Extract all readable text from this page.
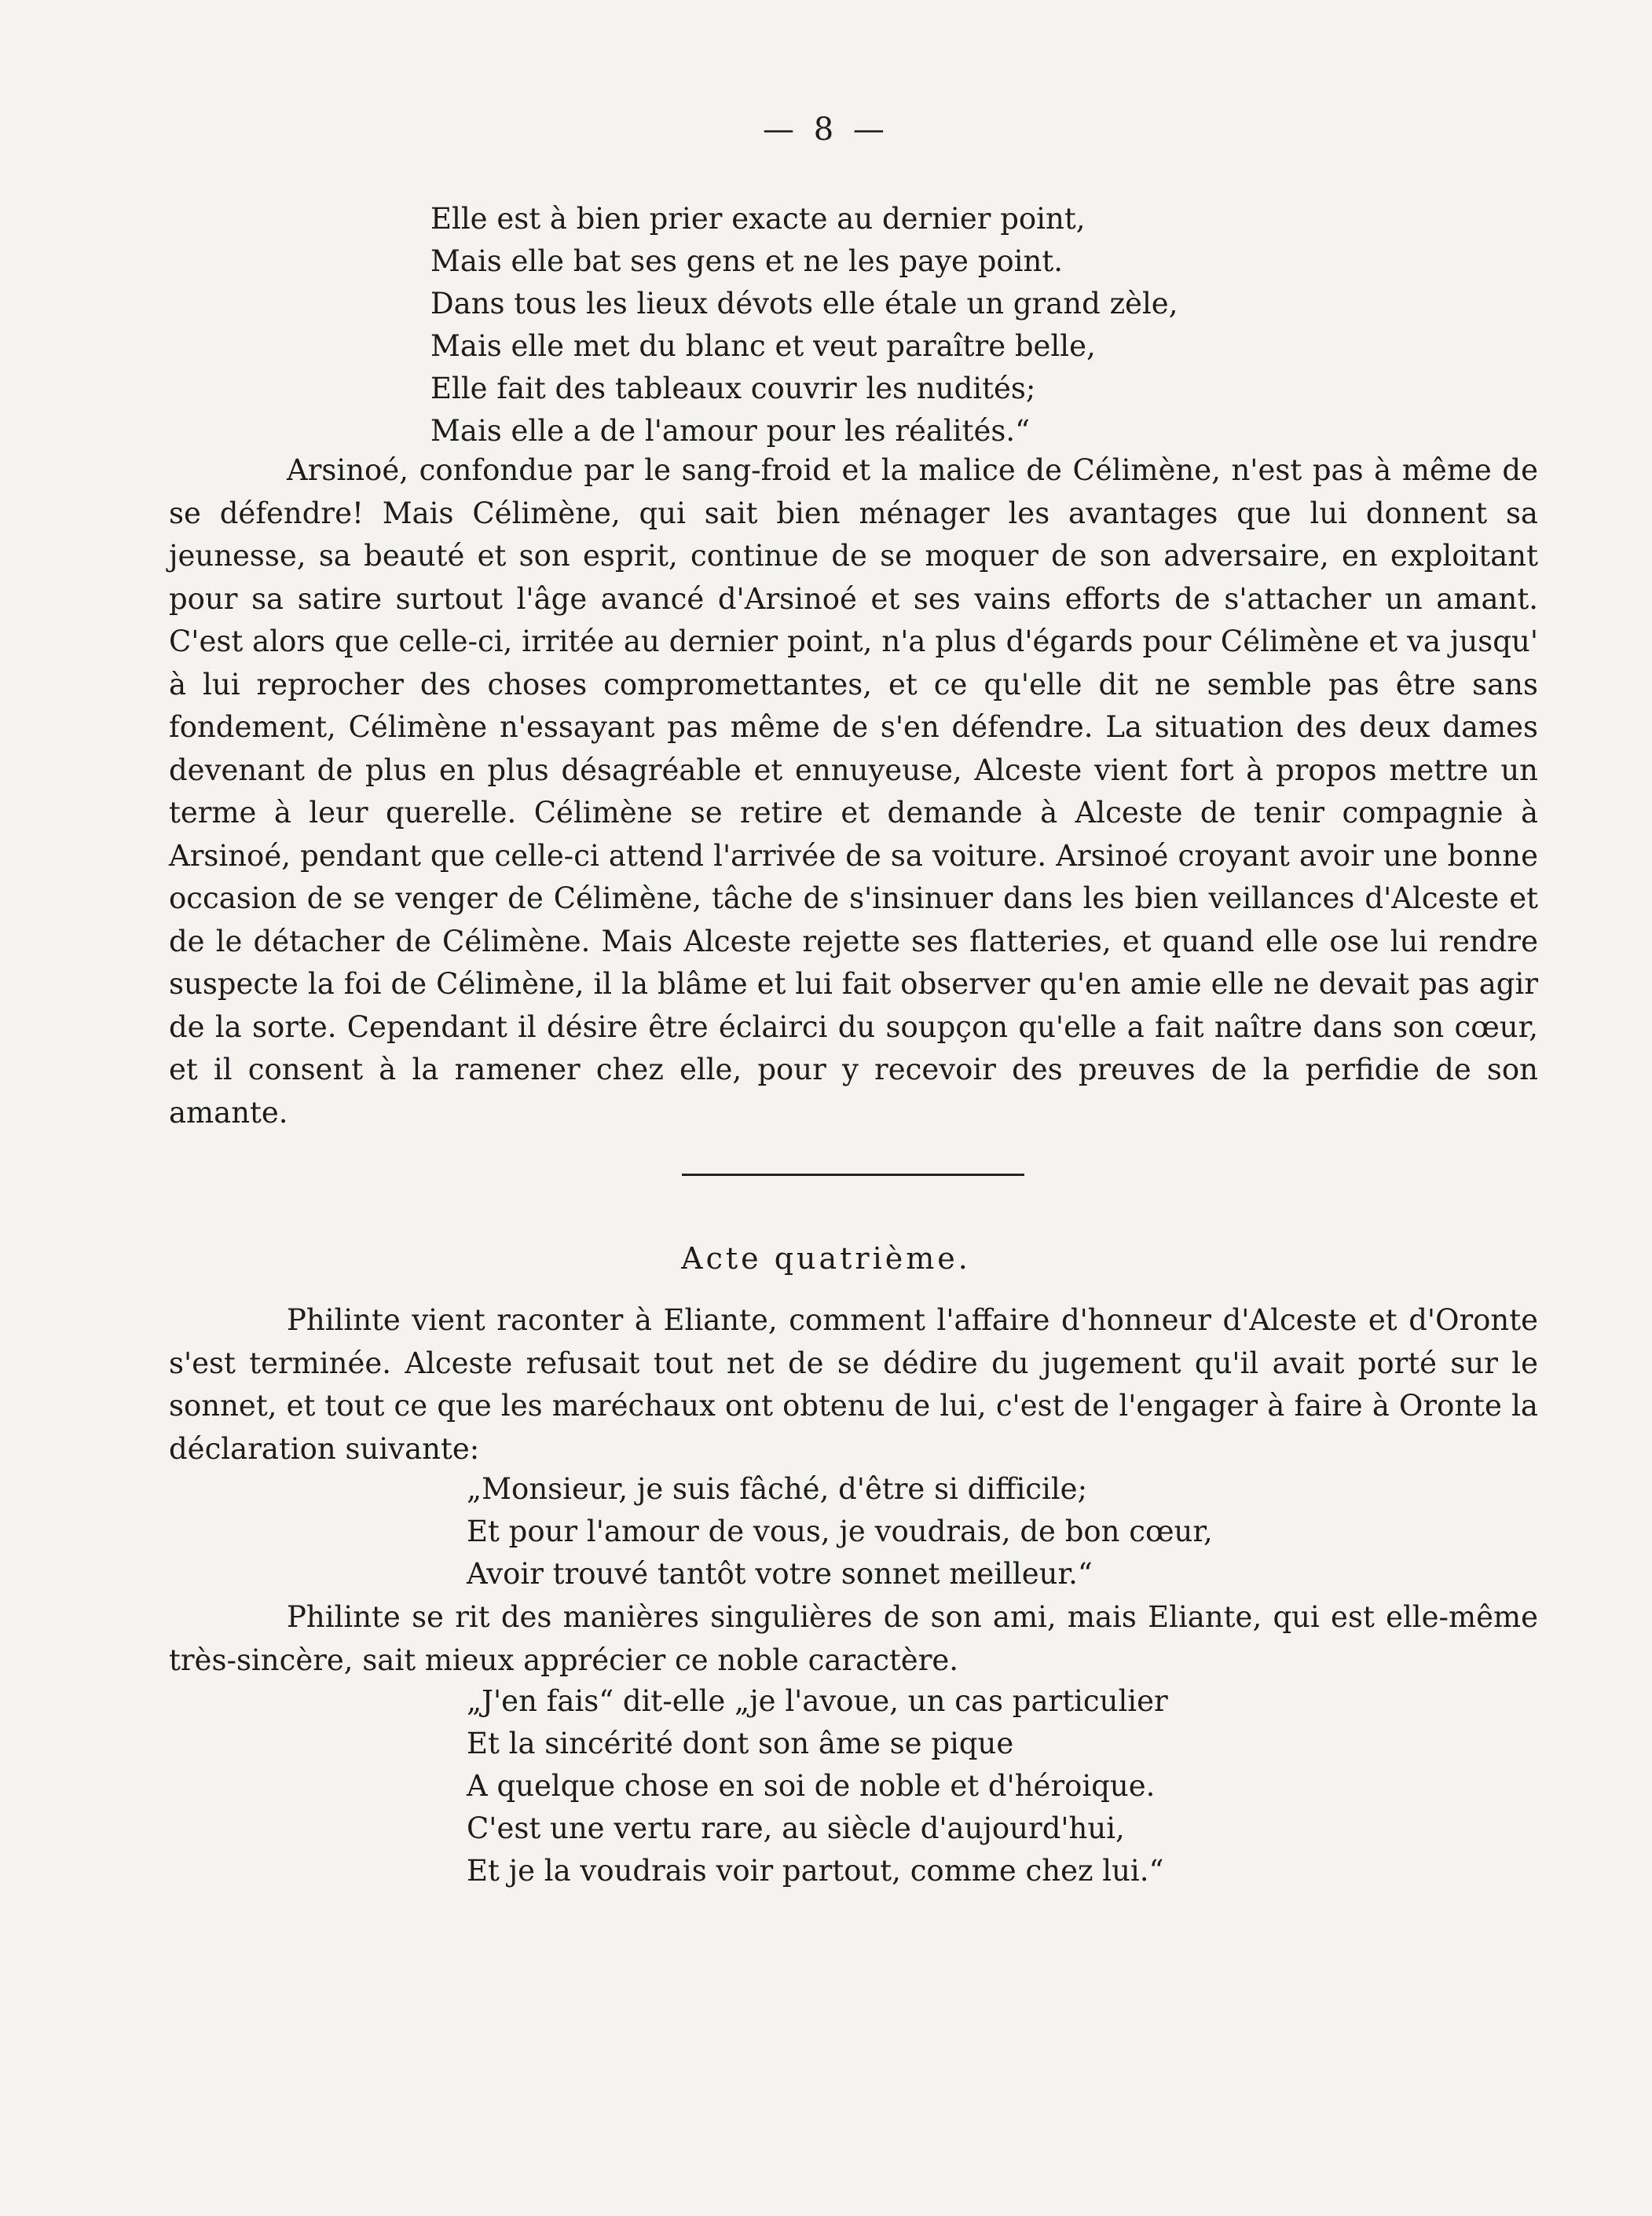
— 8 —
Elle est à bien prier exacte au dernier point,
Mais elle bat ses gens et ne les paye point.
Dans tous les lieux dévots elle étale un grand zèle,
Mais elle met du blanc et veut paraître belle,
Elle fait des tableaux couvrir les nudités;
Mais elle a de l'amour pour les réalités.“
Arsinoé, confondue par le sang-froid et la malice de Célimène, n'est pas à même de se défendre! Mais Célimène, qui sait bien ménager les avantages que lui donnent sa jeunesse, sa beauté et son esprit, continue de se moquer de son adversaire, en exploitant pour sa satire surtout l'âge avancé d'Arsinoé et ses vains efforts de s'attacher un amant. C'est alors que celle-ci, irritée au dernier point, n'a plus d'égards pour Célimène et va jusqu' à lui reprocher des choses compromettantes, et ce qu'elle dit ne semble pas être sans fondement, Célimène n'essayant pas même de s'en défendre. La situation des deux dames devenant de plus en plus désagréable et ennuyeuse, Alceste vient fort à propos mettre un terme à leur querelle. Célimène se retire et demande à Alceste de tenir compagnie à Arsinoé, pendant que celle-ci attend l'arrivée de sa voiture. Arsinoé croyant avoir une bonne occasion de se venger de Célimène, tâche de s'insinuer dans les bien veillances d'Alceste et de le détacher de Célimène. Mais Alceste rejette ses flatteries, et quand elle ose lui rendre suspecte la foi de Célimène, il la blâme et lui fait observer qu'en amie elle ne devait pas agir de la sorte. Cependant il désire être éclairci du soupçon qu'elle a fait naître dans son cœur, et il consent à la ramener chez elle, pour y recevoir des preuves de la perfidie de son amante.
Acte quatrième.
Philinte vient raconter à Eliante, comment l'affaire d'honneur d'Alceste et d'Oronte s'est terminée. Alceste refusait tout net de se dédire du jugement qu'il avait porté sur le sonnet, et tout ce que les maréchaux ont obtenu de lui, c'est de l'engager à faire à Oronte la déclaration suivante:
„Monsieur, je suis fâché, d'être si difficile;
Et pour l'amour de vous, je voudrais, de bon cœur,
Avoir trouvé tantôt votre sonnet meilleur.“
Philinte se rit des manières singulières de son ami, mais Eliante, qui est elle-même très-sincère, sait mieux apprécier ce noble caractère.
„J'en fais“ dit-elle „je l'avoue, un cas particulier
Et la sincérité dont son âme se pique
A quelque chose en soi de noble et d'héroique.
C'est une vertu rare, au siècle d'aujourd'hui,
Et je la voudrais voir partout, comme chez lui.“
